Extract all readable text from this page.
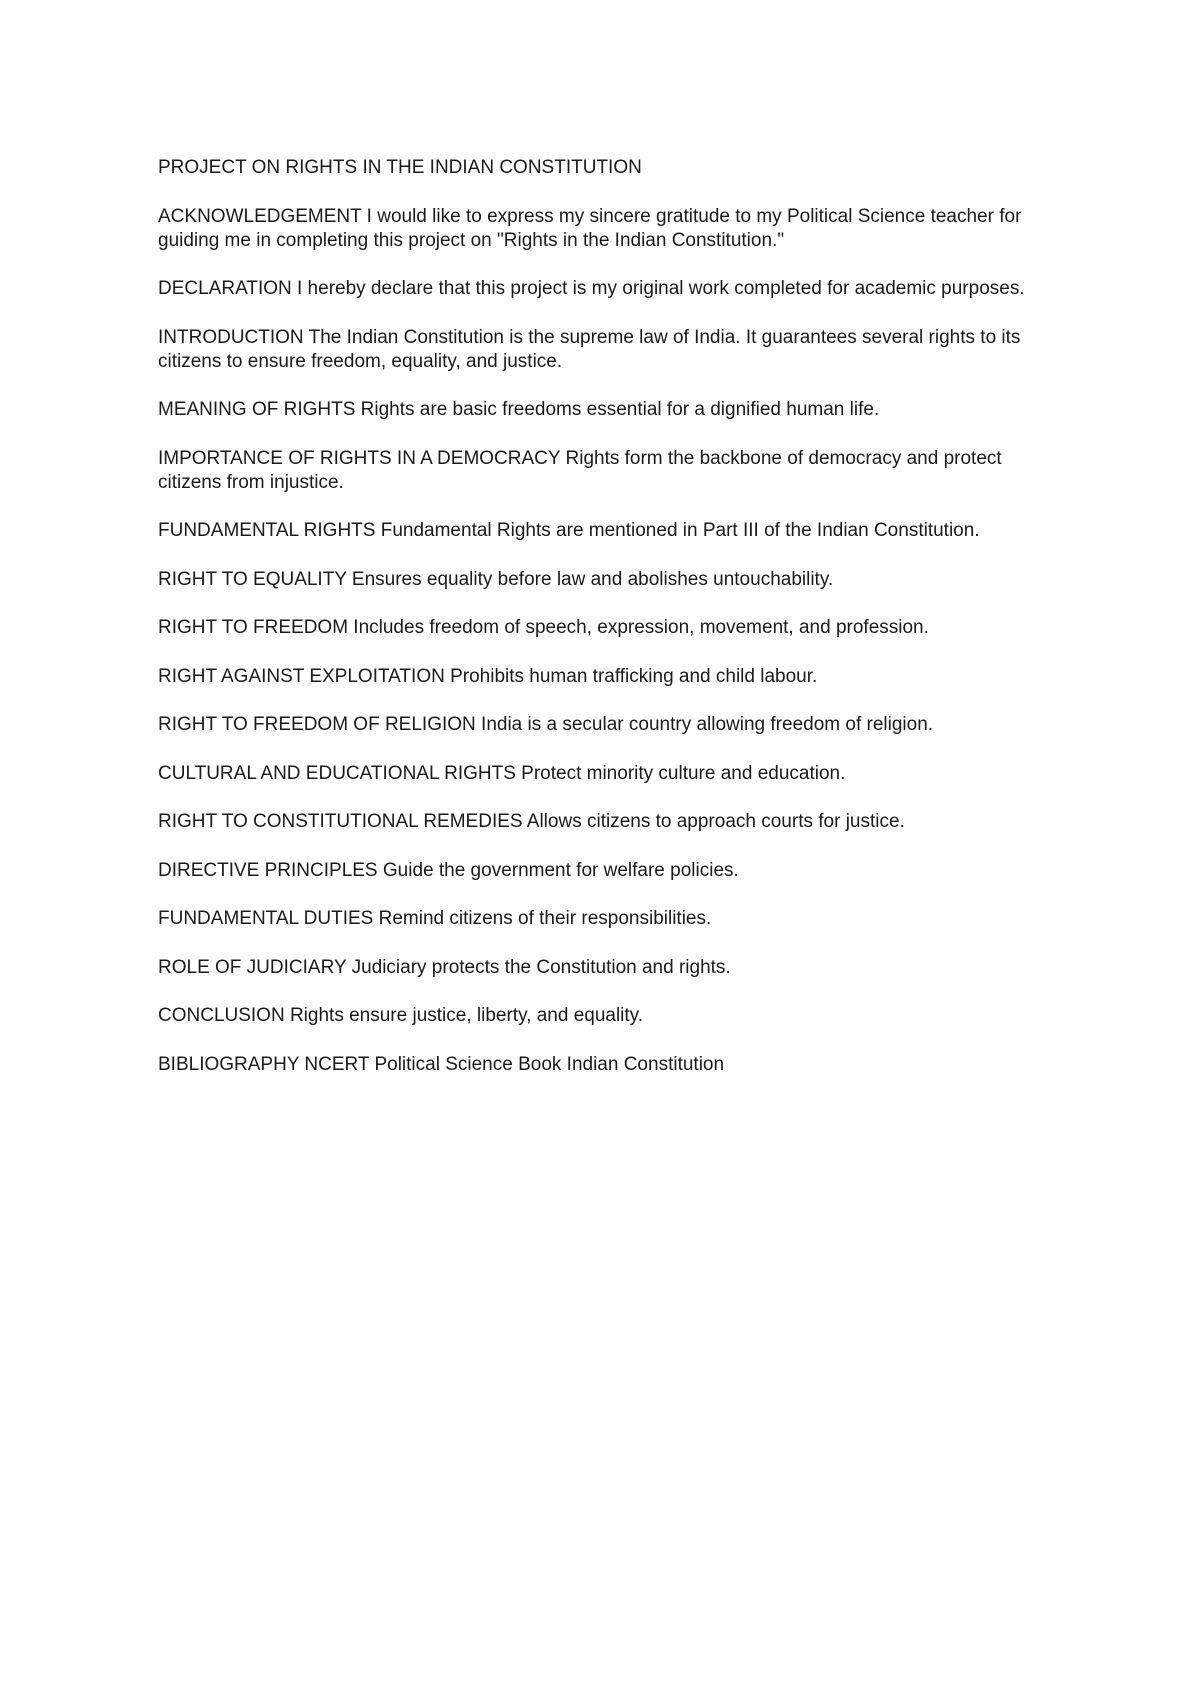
PROJECT ON RIGHTS IN THE INDIAN CONSTITUTION

ACKNOWLEDGEMENT I would like to express my sincere gratitude to my Political Science teacher for guiding me in completing this project on "Rights in the Indian Constitution."

DECLARATION I hereby declare that this project is my original work completed for academic purposes.

INTRODUCTION The Indian Constitution is the supreme law of India. It guarantees several rights to its citizens to ensure freedom, equality, and justice.

MEANING OF RIGHTS Rights are basic freedoms essential for a dignified human life.

IMPORTANCE OF RIGHTS IN A DEMOCRACY Rights form the backbone of democracy and protect citizens from injustice.

FUNDAMENTAL RIGHTS Fundamental Rights are mentioned in Part III of the Indian Constitution.

RIGHT TO EQUALITY Ensures equality before law and abolishes untouchability.

RIGHT TO FREEDOM Includes freedom of speech, expression, movement, and profession.

RIGHT AGAINST EXPLOITATION Prohibits human trafficking and child labour.

RIGHT TO FREEDOM OF RELIGION India is a secular country allowing freedom of religion.

CULTURAL AND EDUCATIONAL RIGHTS Protect minority culture and education.

RIGHT TO CONSTITUTIONAL REMEDIES Allows citizens to approach courts for justice.

DIRECTIVE PRINCIPLES Guide the government for welfare policies.

FUNDAMENTAL DUTIES Remind citizens of their responsibilities.

ROLE OF JUDICIARY Judiciary protects the Constitution and rights.

CONCLUSION Rights ensure justice, liberty, and equality.

BIBLIOGRAPHY NCERT Political Science Book Indian Constitution
